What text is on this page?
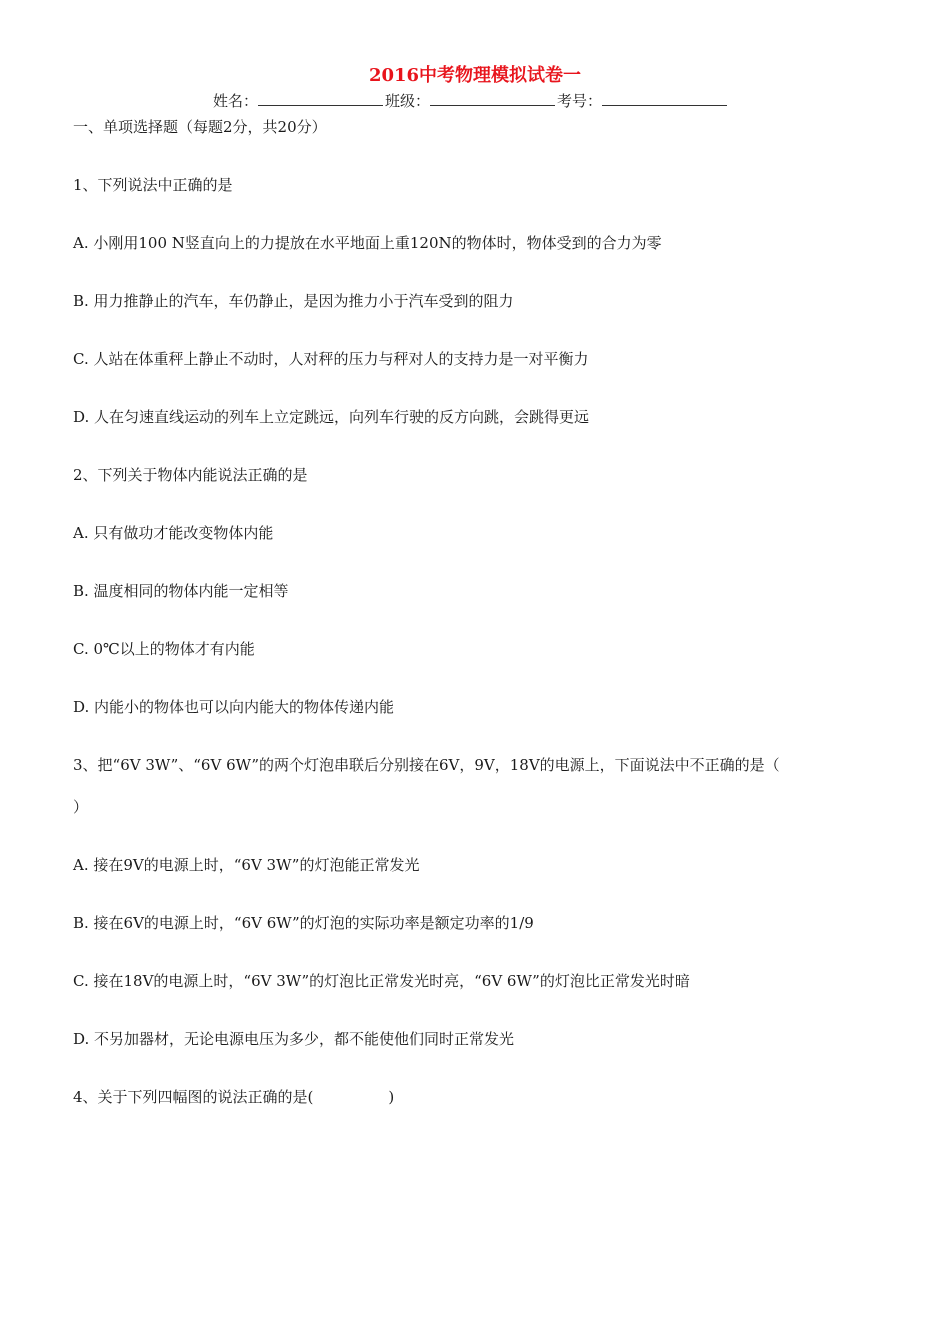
2016中考物理模拟试卷一
姓名：	班级：	考号：
一、单项选择题（每题2分，共20分）
1、下列说法中正确的是
A. 小刚用100 N竖直向上的力提放在水平地面上重120N的物体时，物体受到的合力为零
B. 用力推静止的汽车，车仍静止，是因为推力小于汽车受到的阻力
C. 人站在体重秤上静止不动时，人对秤的压力与秤对人的支持力是一对平衡力
D. 人在匀速直线运动的列车上立定跳远，向列车行驶的反方向跳，会跳得更远
2、下列关于物体内能说法正确的是
A. 只有做功才能改变物体内能
B. 温度相同的物体内能一定相等
C. 0℃以上的物体才有内能
D. 内能小的物体也可以向内能大的物体传递内能
3、把“6V 3W”、“6V 6W”的两个灯泡串联后分别接在6V，9V，18V的电源上，下面说法中不正确的是（
）
A. 接在9V的电源上时，“6V 3W”的灯泡能正常发光
B. 接在6V的电源上时，“6V 6W”的灯泡的实际功率是额定功率的1/9
C. 接在18V的电源上时，“6V 3W”的灯泡比正常发光时亮，“6V 6W”的灯泡比正常发光时暗
D. 不另加器材，无论电源电压为多少，都不能使他们同时正常发光
4、关于下列四幅图的说法正确的是(　　　　　)
